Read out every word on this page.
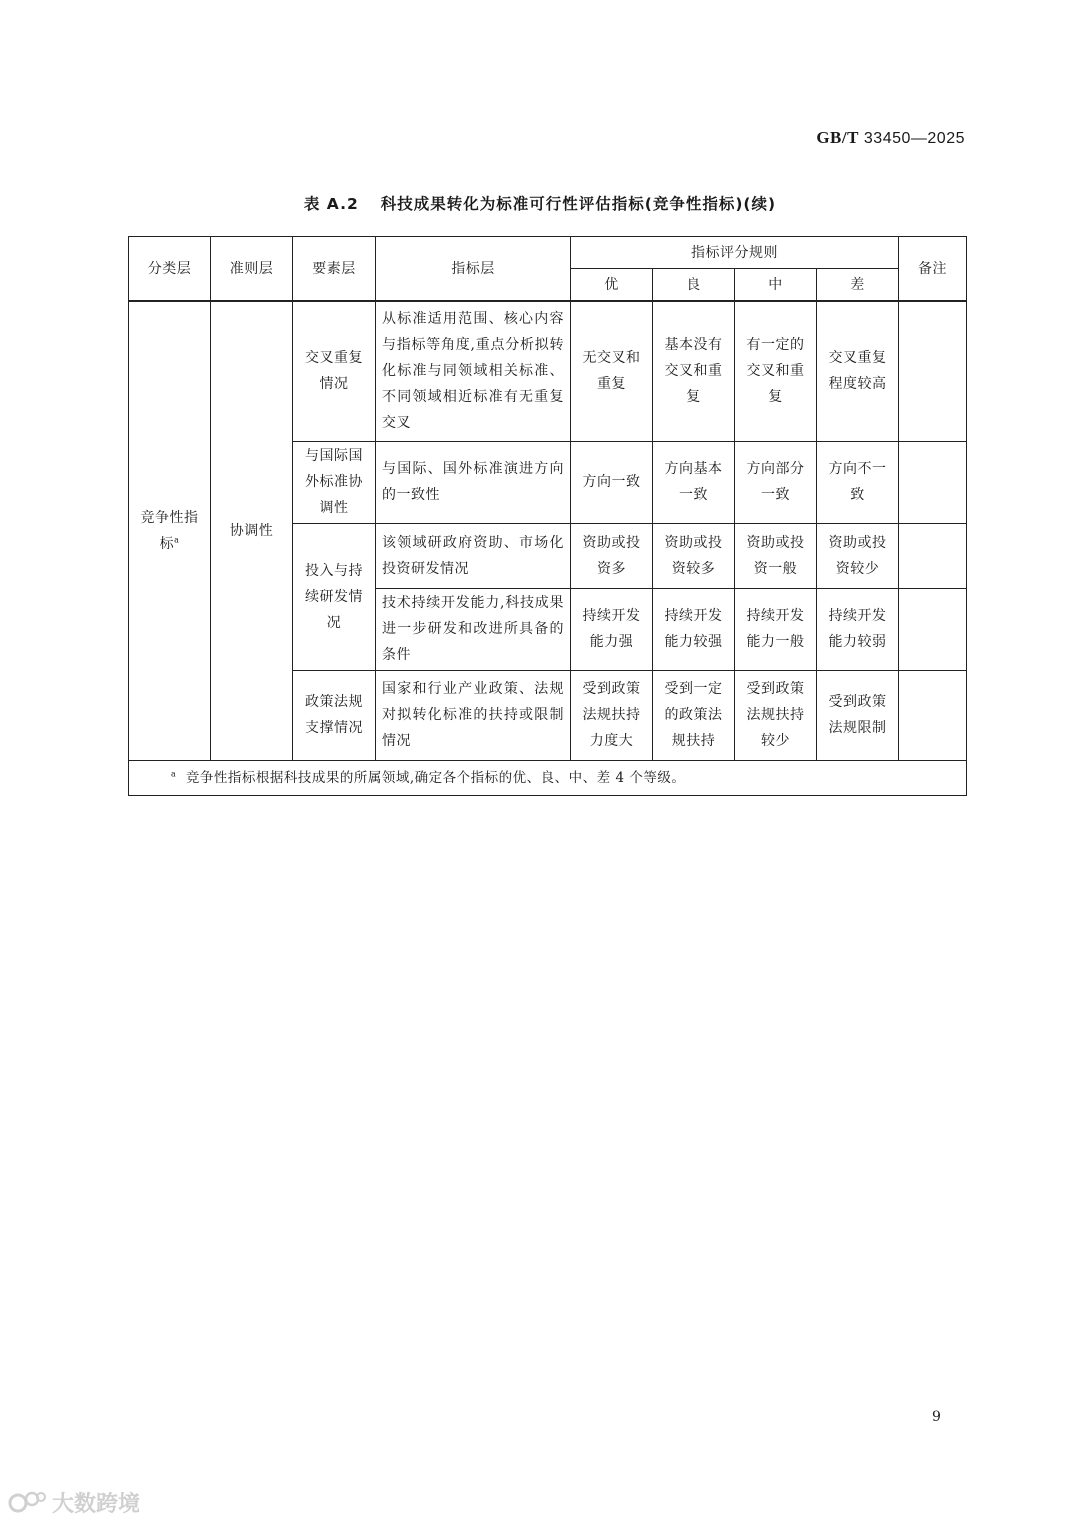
GB/T 33450—2025
表 A.2 科技成果转化为标准可行性评估指标(竞争性指标)(续)
分类层	准则层	要素层	指标层	指标评分规则				备注
				优	良	中	差	
竞争性指标$^a$	协调性	交叉重复情况	从标准适用范围、核心内容与指标等角度,重点分析拟转化标准与同领域相关标准、不同领域相近标准有无重复交叉	无交叉和重复	基本没有交叉和重复	有一定的交叉和重复	交叉重复程度较高	
		与国际国外标准协调性	与国际、国外标准演进方向的一致性	方向一致	方向基本一致	方向部分一致	方向不一致	
		投入与持续研发情况	该领域研政府资助、市场化投资研发情况	资助或投资多	资助或投资较多	资助或投资一般	资助或投资较少	
			技术持续开发能力,科技成果进一步研发和改进所具备的条件	持续开发能力强	持续开发能力较强	持续开发能力一般	持续开发能力较弱	
		政策法规支撑情况	国家和行业产业政策、法规对拟转化标准的扶持或限制情况	受到政策法规扶持力度大	受到一定的政策法规扶持	受到政策法规扶持较少	受到政策法规限制	
$^a$ 竞争性指标根据科技成果的所属领域,确定各个指标的优、良、中、差 4 个等级。								
9
大数跨境
